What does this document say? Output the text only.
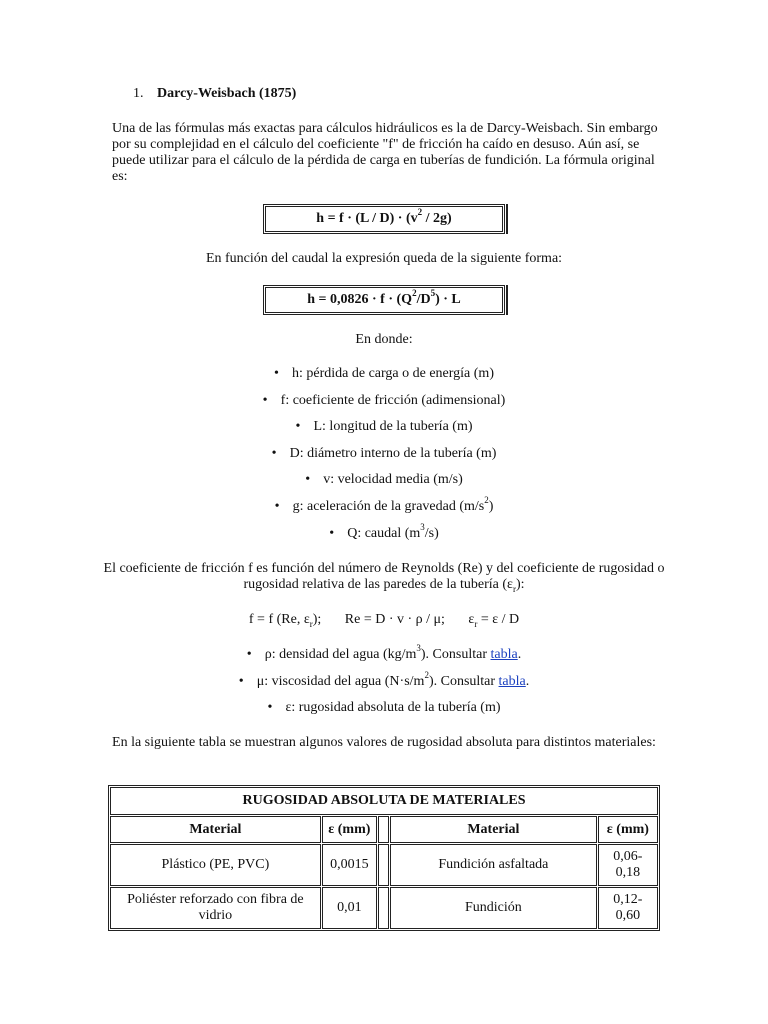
1. Darcy-Weisbach (1875)
Una de las fórmulas más exactas para cálculos hidráulicos es la de Darcy-Weisbach. Sin embargo por su complejidad en el cálculo del coeficiente "f" de fricción ha caído en desuso. Aún así, se puede utilizar para el cálculo de la pérdida de carga en tuberías de fundición. La fórmula original es:
$h = f \cdot (L / D) \cdot (v^2 / 2g)$
En función del caudal la expresión queda de la siguiente forma:
$h = 0,0826 \cdot f \cdot (Q^2/D^5) \cdot L$
En donde:
• h: pérdida de carga o de energía (m)
• f: coeficiente de fricción (adimensional)
• L: longitud de la tubería (m)
• D: diámetro interno de la tubería (m)
• v: velocidad media (m/s)
• g: aceleración de la gravedad $(m/s^2)$
• Q: caudal $(m^3/s)$
El coeficiente de fricción f es función del número de Reynolds (Re) y del coeficiente de rugosidad o rugosidad relativa de las paredes de la tubería $(\varepsilon_r)$:
f = f (Re, $\varepsilon_r$); Re = D · v · ρ / μ; $\varepsilon_r = \varepsilon / D$
• ρ: densidad del agua $(kg/m^3)$. Consultar tabla.
• μ: viscosidad del agua $(N\cdot s/m^2)$. Consultar tabla.
• ε: rugosidad absoluta de la tubería (m)
En la siguiente tabla se muestran algunos valores de rugosidad absoluta para distintos materiales:
RUGOSIDAD ABSOLUTA DE MATERIALES				
Material	ε (mm)		Material	ε (mm)
Plástico (PE, PVC)	0,0015		Fundición asfaltada	0,06-0,18
Poliéster reforzado con fibra de vidrio	0,01		Fundición	0,12-0,60
